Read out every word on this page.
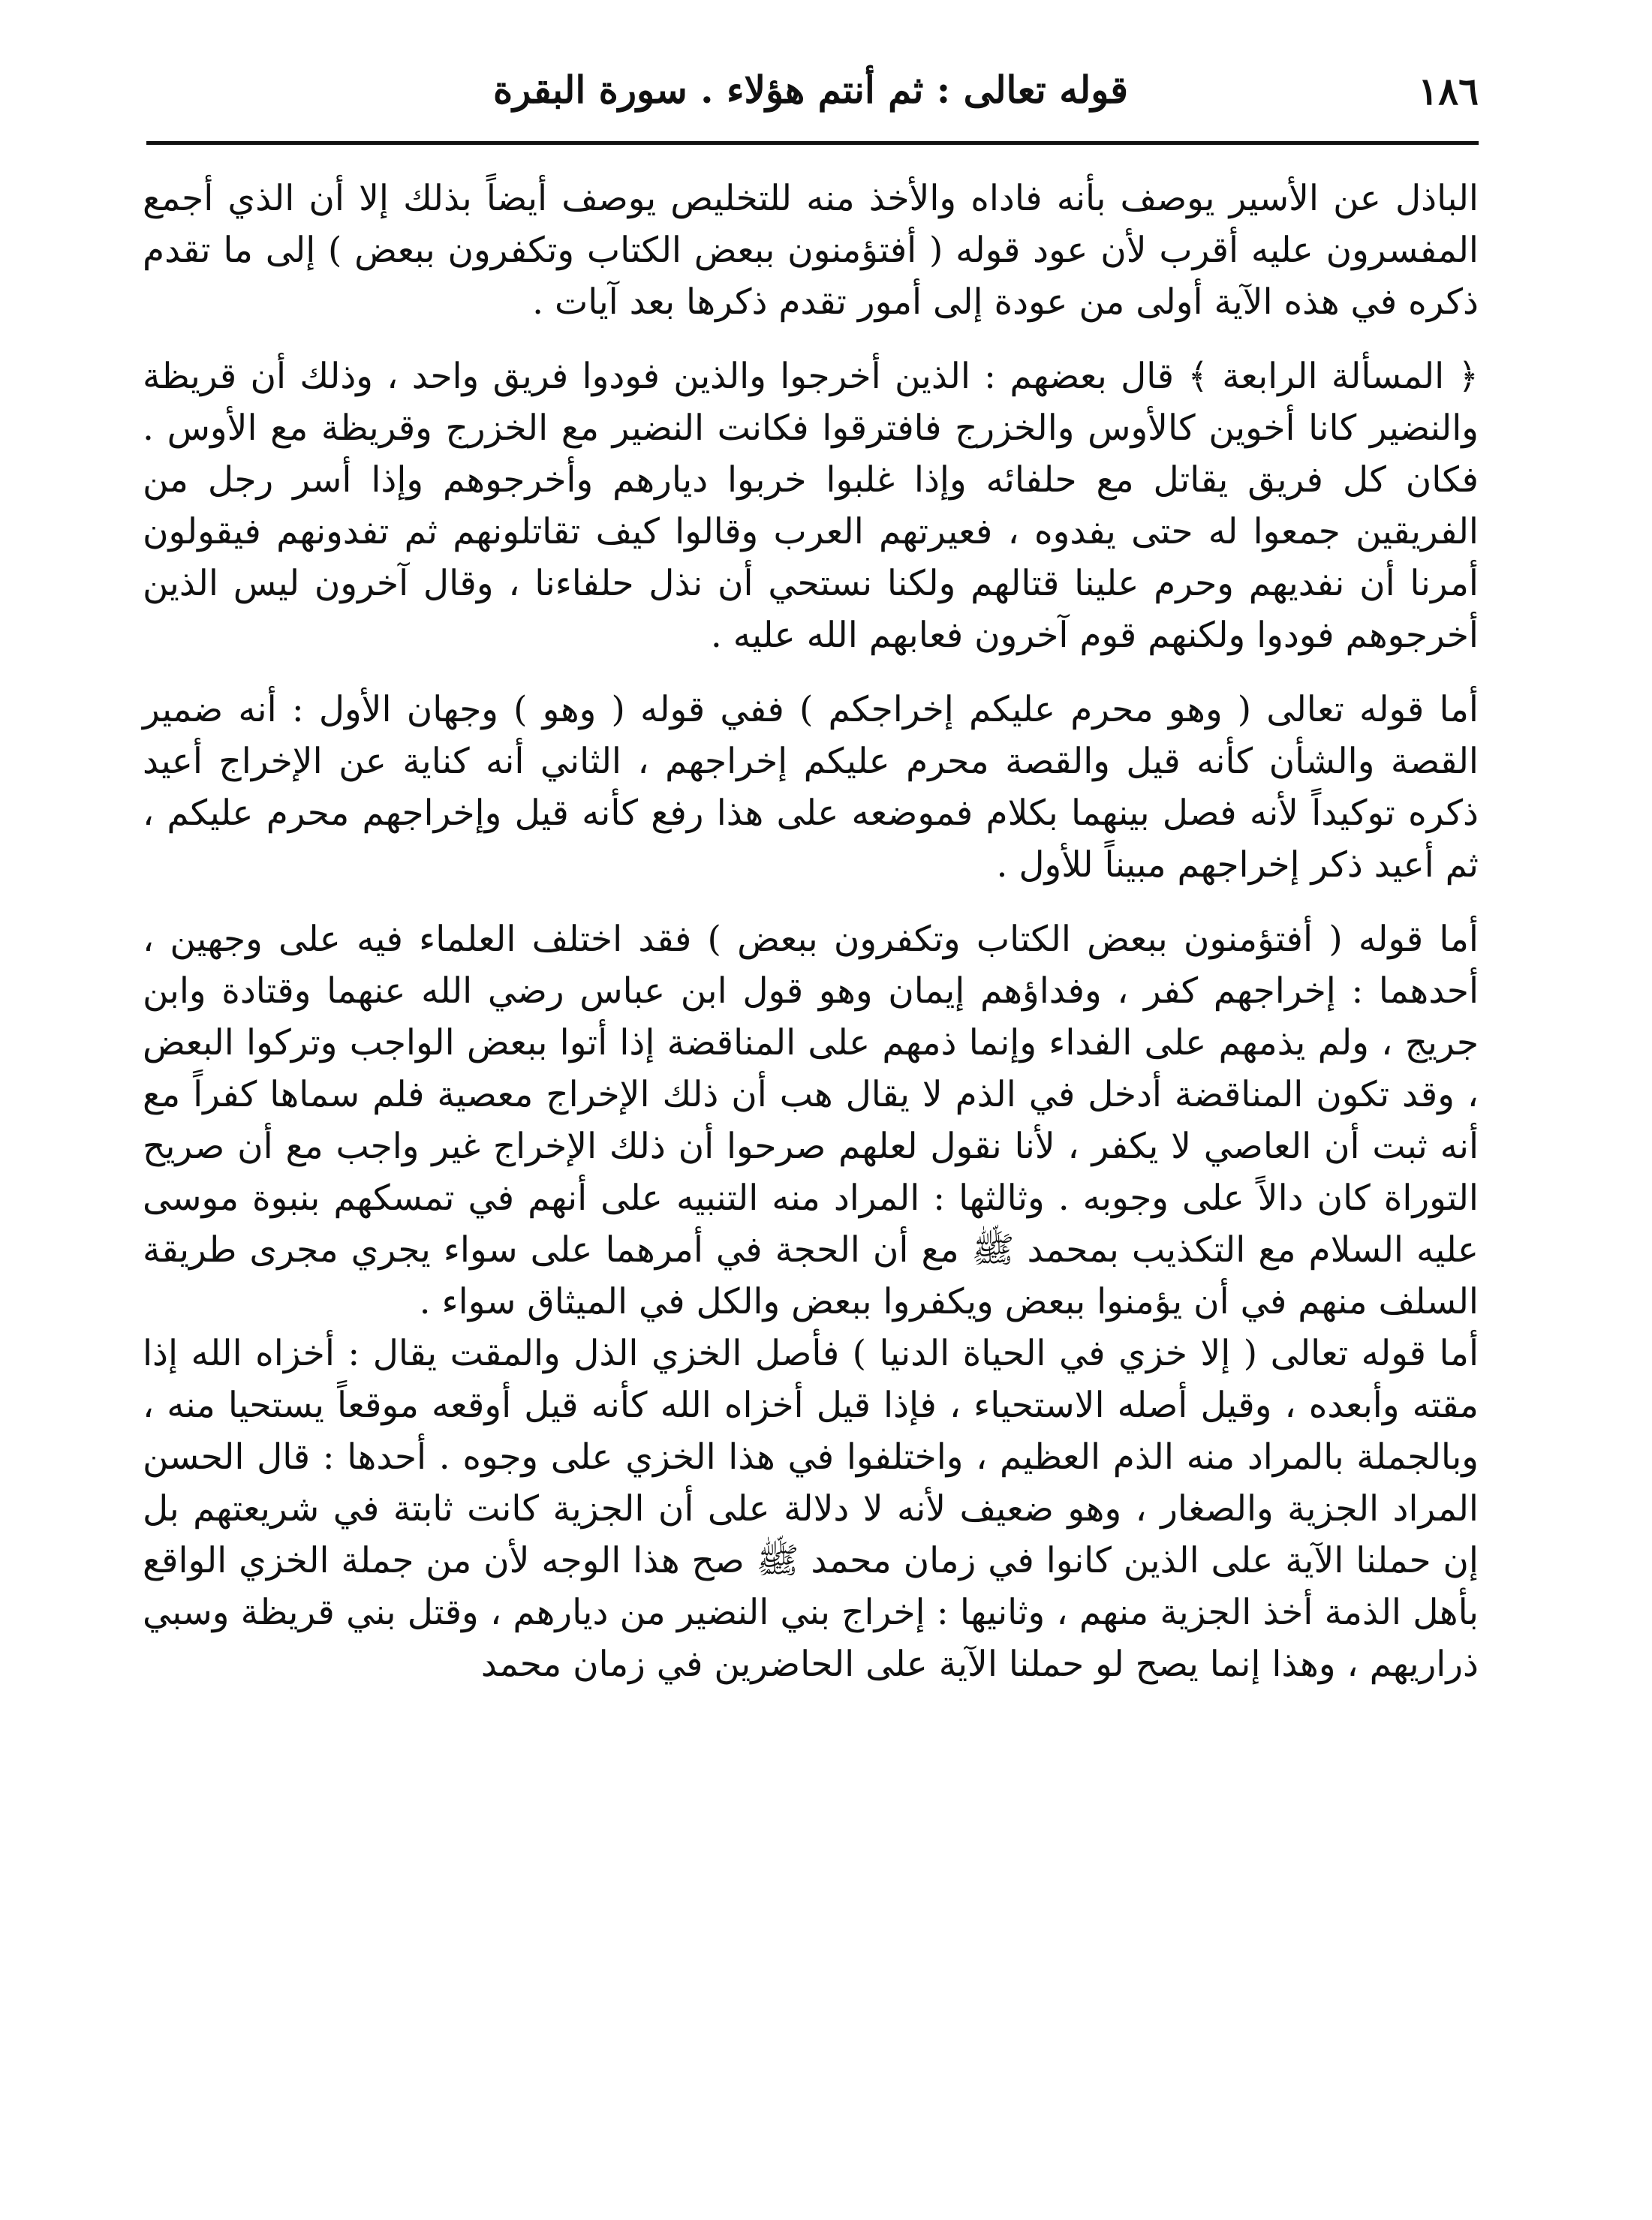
١٨٦
قوله تعالى : ثم أنتم هؤلاء . سورة البقرة

الباذل عن الأسير يوصف بأنه فاداه والأخذ منه للتخليص يوصف أيضاً بذلك إلا أن الذي أجمع المفسرون عليه أقرب لأن عود قوله ( أفتؤمنون ببعض الكتاب وتكفرون ببعض ) إلى ما تقدم ذكره في هذه الآية أولى من عودة إلى أمور تقدم ذكرها بعد آيات .

﴿ المسألة الرابعة ﴾ قال بعضهم : الذين أخرجوا والذين فودوا فريق واحد ، وذلك أن قريظة والنضير كانا أخوين كالأوس والخزرج فافترقوا فكانت النضير مع الخزرج وقريظة مع الأوس . فكان كل فريق يقاتل مع حلفائه وإذا غلبوا خربوا ديارهم وأخرجوهم وإذا أسر رجل من الفريقين جمعوا له حتى يفدوه ، فعيرتهم العرب وقالوا كيف تقاتلونهم ثم تفدونهم فيقولون أمرنا أن نفديهم وحرم علينا قتالهم ولكنا نستحي أن نذل حلفاءنا ، وقال آخرون ليس الذين أخرجوهم فودوا ولكنهم قوم آخرون فعابهم الله عليه .

أما قوله تعالى ( وهو محرم عليكم إخراجكم ) ففي قوله ( وهو ) وجهان الأول : أنه ضمير القصة والشأن كأنه قيل والقصة محرم عليكم إخراجهم ، الثاني أنه كناية عن الإخراج أعيد ذكره توكيداً لأنه فصل بينهما بكلام فموضعه على هذا رفع كأنه قيل وإخراجهم محرم عليكم ، ثم أعيد ذكر إخراجهم مبيناً للأول .

أما قوله ( أفتؤمنون ببعض الكتاب وتكفرون ببعض ) فقد اختلف العلماء فيه على وجهين ، أحدهما : إخراجهم كفر ، وفداؤهم إيمان وهو قول ابن عباس رضي الله عنهما وقتادة وابن جريج ، ولم يذمهم على الفداء وإنما ذمهم على المناقضة إذا أتوا ببعض الواجب وتركوا البعض ، وقد تكون المناقضة أدخل في الذم لا يقال هب أن ذلك الإخراج معصية فلم سماها كفراً مع أنه ثبت أن العاصي لا يكفر ، لأنا نقول لعلهم صرحوا أن ذلك الإخراج غير واجب مع أن صريح التوراة كان دالاً على وجوبه . وثالثها : المراد منه التنبيه على أنهم في تمسكهم بنبوة موسى عليه السلام مع التكذيب بمحمد ﷺ مع أن الحجة في أمرهما على سواء يجري مجرى طريقة السلف منهم في أن يؤمنوا ببعض ويكفروا ببعض والكل في الميثاق سواء .

أما قوله تعالى ( إلا خزي في الحياة الدنيا ) فأصل الخزي الذل والمقت يقال : أخزاه الله إذا مقته وأبعده ، وقيل أصله الاستحياء ، فإذا قيل أخزاه الله كأنه قيل أوقعه موقعاً يستحيا منه ، وبالجملة بالمراد منه الذم العظيم ، واختلفوا في هذا الخزي على وجوه . أحدها : قال الحسن المراد الجزية والصغار ، وهو ضعيف لأنه لا دلالة على أن الجزية كانت ثابتة في شريعتهم بل إن حملنا الآية على الذين كانوا في زمان محمد ﷺ صح هذا الوجه لأن من جملة الخزي الواقع بأهل الذمة أخذ الجزية منهم ، وثانيها : إخراج بني النضير من ديارهم ، وقتل بني قريظة وسبي ذراريهم ، وهذا إنما يصح لو حملنا الآية على الحاضرين في زمان محمد
